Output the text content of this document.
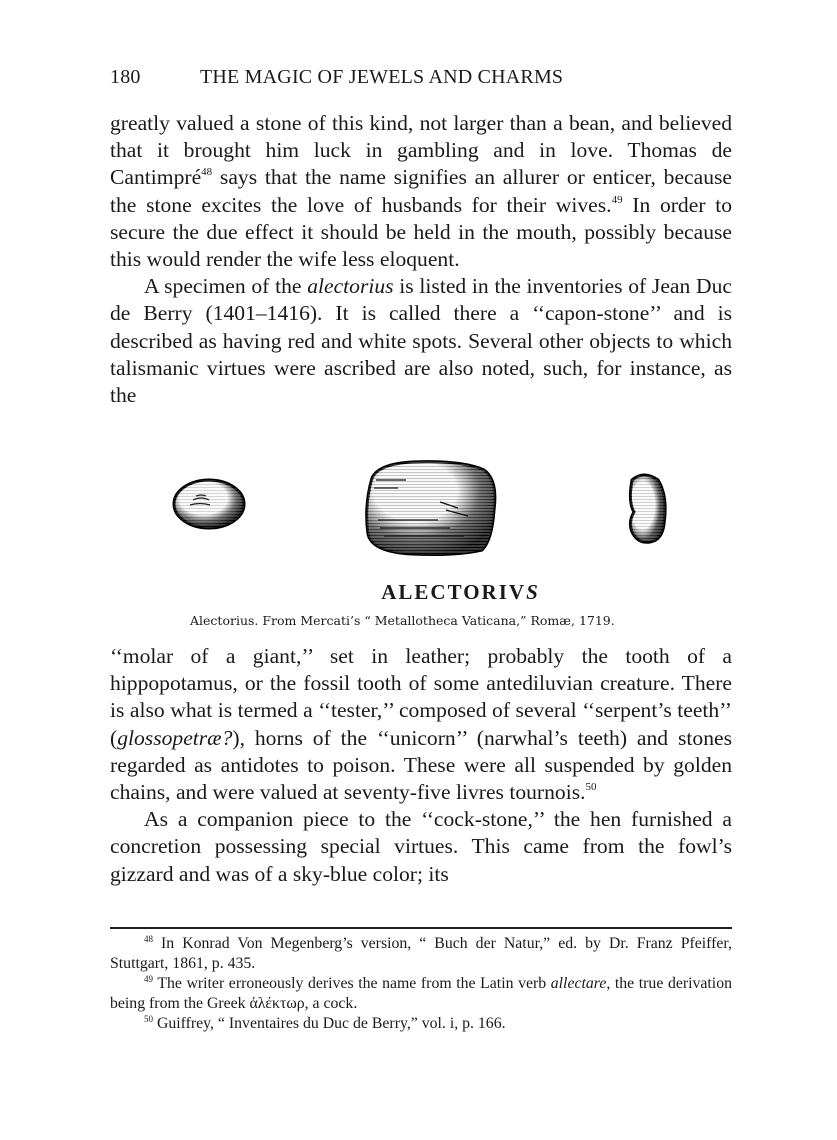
180	THE MAGIC OF JEWELS AND CHARMS

greatly valued a stone of this kind, not larger than a bean, and believed that it brought him luck in gambling and in love. Thomas de Cantimpré$^{48}$ says that the name signifies an allurer or enticer, because the stone excites the love of husbands for their wives.$^{49}$ In order to secure the due effect it should be held in the mouth, possibly because this would render the wife less eloquent.

A specimen of the alectorius is listed in the inventories of Jean Duc de Berry (1401–1416). It is called there a ‘‘capon-stone’’ and is described as having red and white spots. Several other objects to which talismanic virtues were ascribed are also noted, such, for instance, as the

ALECTORIVS
Alectorius. From Mercati’s “ Metallotheca Vaticana,” Romæ, 1719.

‘‘molar of a giant,’’ set in leather; probably the tooth of a hippopotamus, or the fossil tooth of some antediluvian creature. There is also what is termed a ‘‘tester,’’ composed of several ‘‘serpent’s teeth’’ (glossopetræ?), horns of the ‘‘unicorn’’ (narwhal’s teeth) and stones regarded as antidotes to poison. These were all suspended by golden chains, and were valued at seventy-five livres tournois.$^{50}$

As a companion piece to the ‘‘cock-stone,’’ the hen furnished a concretion possessing special virtues. This came from the fowl’s gizzard and was of a sky-blue color; its

$^{48}$ In Konrad Von Megenberg’s version, “ Buch der Natur,” ed. by Dr. Franz Pfeiffer, Stuttgart, 1861, p. 435.

$^{49}$ The writer erroneously derives the name from the Latin verb allectare, the true derivation being from the Greek ἀλέκτωρ, a cock.

$^{50}$ Guiffrey, “ Inventaires du Duc de Berry,” vol. i, p. 166.
